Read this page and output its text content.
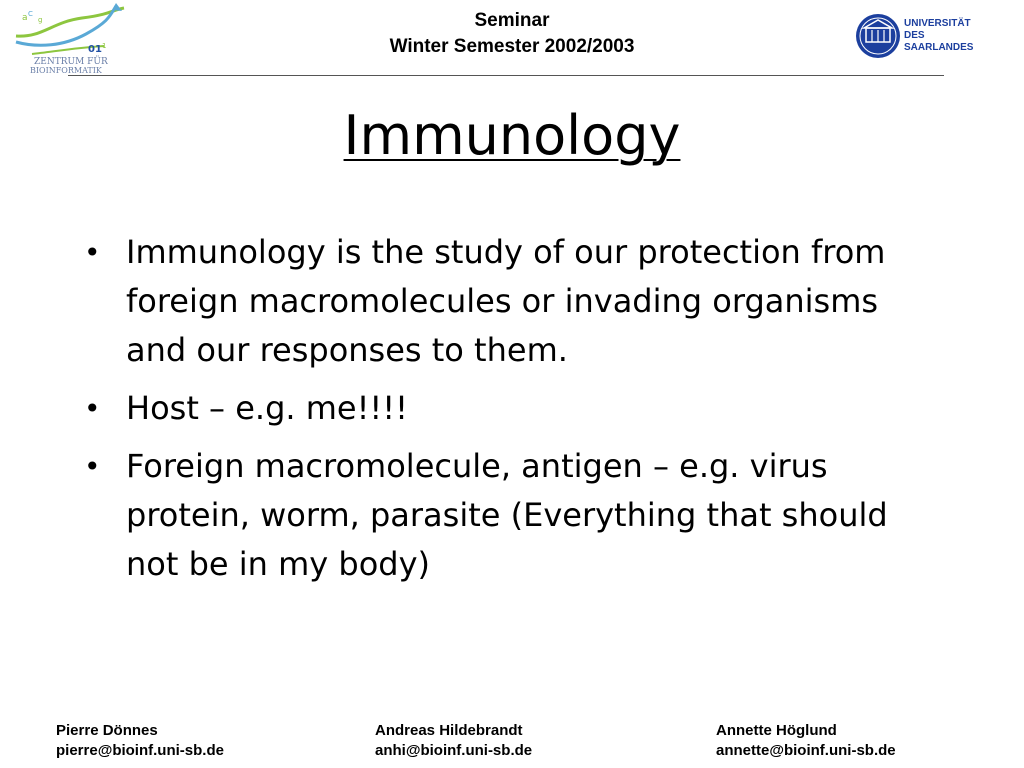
a C
g
01 1
ZENTRUM FÜR
BIOINFORMATIK
Seminar
Winter Semester 2002/2003
UNIVERSITÄT
DES
SAARLANDES
Immunology
• Immunology is the study of our protection from foreign macromolecules or invading organisms and our responses to them.
• Host – e.g. me!!!!
• Foreign macromolecule, antigen – e.g. virus protein, worm, parasite (Everything that should not be in my body)
Pierre Dönnes
pierre@bioinf.uni-sb.de
Andreas Hildebrandt
anhi@bioinf.uni-sb.de
Annette Höglund
annette@bioinf.uni-sb.de
